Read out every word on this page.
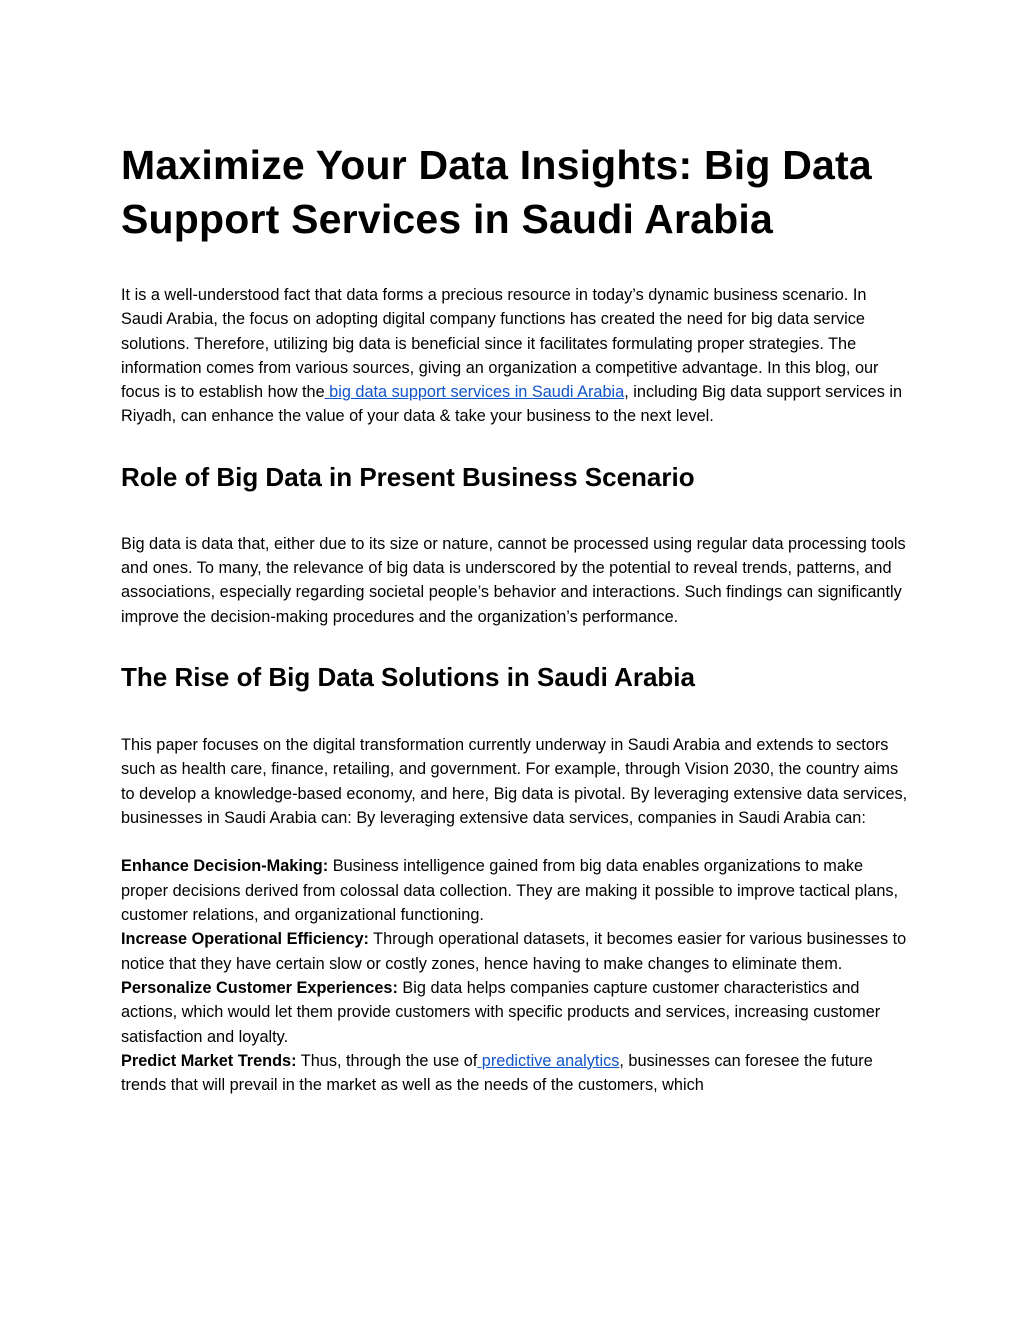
Maximize Your Data Insights: Big Data Support Services in Saudi Arabia

It is a well-understood fact that data forms a precious resource in today’s dynamic business scenario. In Saudi Arabia, the focus on adopting digital company functions has created the need for big data service solutions. Therefore, utilizing big data is beneficial since it facilitates formulating proper strategies. The information comes from various sources, giving an organization a competitive advantage. In this blog, our focus is to establish how the big data support services in Saudi Arabia, including Big data support services in Riyadh, can enhance the value of your data & take your business to the next level.

Role of Big Data in Present Business Scenario

Big data is data that, either due to its size or nature, cannot be processed using regular data processing tools and ones. To many, the relevance of big data is underscored by the potential to reveal trends, patterns, and associations, especially regarding societal people’s behavior and interactions. Such findings can significantly improve the decision-making procedures and the organization’s performance.

The Rise of Big Data Solutions in Saudi Arabia

This paper focuses on the digital transformation currently underway in Saudi Arabia and extends to sectors such as health care, finance, retailing, and government. For example, through Vision 2030, the country aims to develop a knowledge-based economy, and here, Big data is pivotal. By leveraging extensive data services, businesses in Saudi Arabia can: By leveraging extensive data services, companies in Saudi Arabia can:

Enhance Decision-Making: Business intelligence gained from big data enables organizations to make proper decisions derived from colossal data collection. They are making it possible to improve tactical plans, customer relations, and organizational functioning.

Increase Operational Efficiency: Through operational datasets, it becomes easier for various businesses to notice that they have certain slow or costly zones, hence having to make changes to eliminate them.

Personalize Customer Experiences: Big data helps companies capture customer characteristics and actions, which would let them provide customers with specific products and services, increasing customer satisfaction and loyalty.

Predict Market Trends: Thus, through the use of predictive analytics, businesses can foresee the future trends that will prevail in the market as well as the needs of the customers, which
